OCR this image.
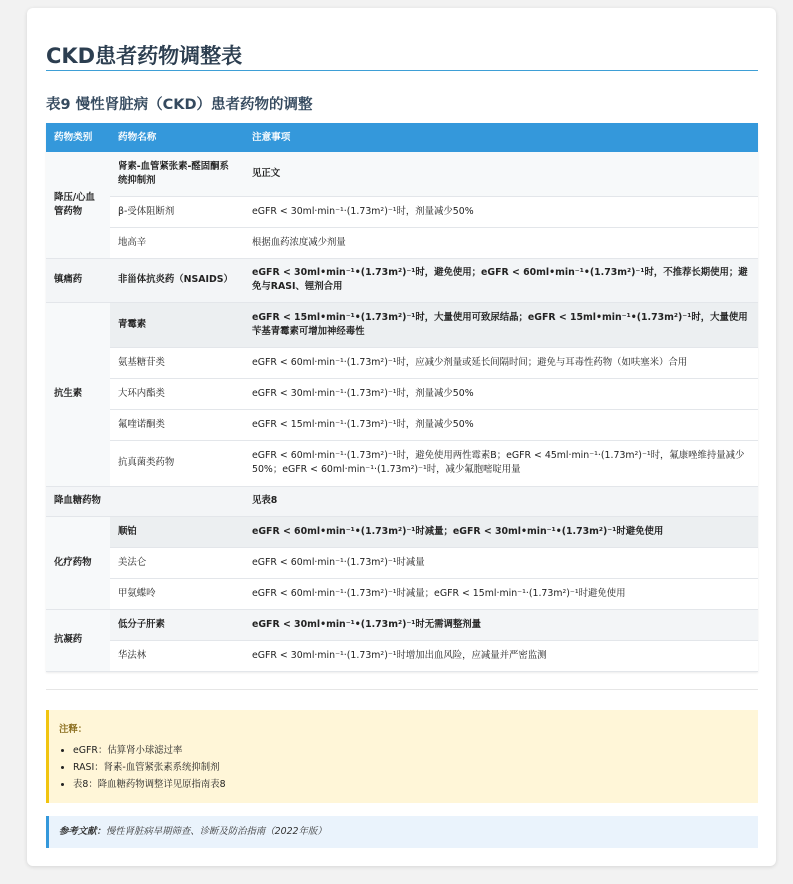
CKD患者药物调整表
表9 慢性肾脏病（CKD）患者药物的调整
药物类别	药物名称	注意事项
降压/心血管药物	肾素-血管紧张素-醛固酮系统抑制剂	见正文
	β-受体阻断剂	eGFR < 30ml·min⁻¹·(1.73m²)⁻¹时，剂量减少50%
	地高辛	根据血药浓度减少剂量
镇痛药	非甾体抗炎药（NSAIDS）	eGFR < 30ml•min⁻¹•(1.73m²)⁻¹时，避免使用；eGFR < 60ml•min⁻¹•(1.73m²)⁻¹时，不推荐长期使用；避免与RASI、锂剂合用
抗生素	青霉素	eGFR < 15ml•min⁻¹•(1.73m²)⁻¹时，大量使用可致尿结晶；eGFR < 15ml•min⁻¹•(1.73m²)⁻¹时，大量使用苄基青霉素可增加神经毒性
	氨基糖苷类	eGFR < 60ml·min⁻¹·(1.73m²)⁻¹时，应减少剂量或延长间隔时间；避免与耳毒性药物（如呋塞米）合用
	大环内酯类	eGFR < 30ml·min⁻¹·(1.73m²)⁻¹时，剂量减少50%
	氟喹诺酮类	eGFR < 15ml·min⁻¹·(1.73m²)⁻¹时，剂量减少50%
	抗真菌类药物	eGFR < 60ml·min⁻¹·(1.73m²)⁻¹时，避免使用两性霉素B；eGFR < 45ml·min⁻¹·(1.73m²)⁻¹时，氟康唑维持量减少50%；eGFR < 60ml·min⁻¹·(1.73m²)⁻¹时，减少氟胞嘧啶用量
降血糖药物		见表8
化疗药物	顺铂	eGFR < 60ml•min⁻¹•(1.73m²)⁻¹时减量；eGFR < 30ml•min⁻¹•(1.73m²)⁻¹时避免使用
	美法仑	eGFR < 60ml·min⁻¹·(1.73m²)⁻¹时减量
	甲氨蝶呤	eGFR < 60ml·min⁻¹·(1.73m²)⁻¹时减量；eGFR < 15ml·min⁻¹·(1.73m²)⁻¹时避免使用
抗凝药	低分子肝素	eGFR < 30ml•min⁻¹•(1.73m²)⁻¹时无需调整剂量
	华法林	eGFR < 30ml·min⁻¹·(1.73m²)⁻¹时增加出血风险，应减量并严密监测
注释：
• eGFR：估算肾小球滤过率
• RASI：肾素-血管紧张素系统抑制剂
• 表8：降血糖药物调整详见原指南表8
参考文献：慢性肾脏病早期筛查、诊断及防治指南（2022年版）
